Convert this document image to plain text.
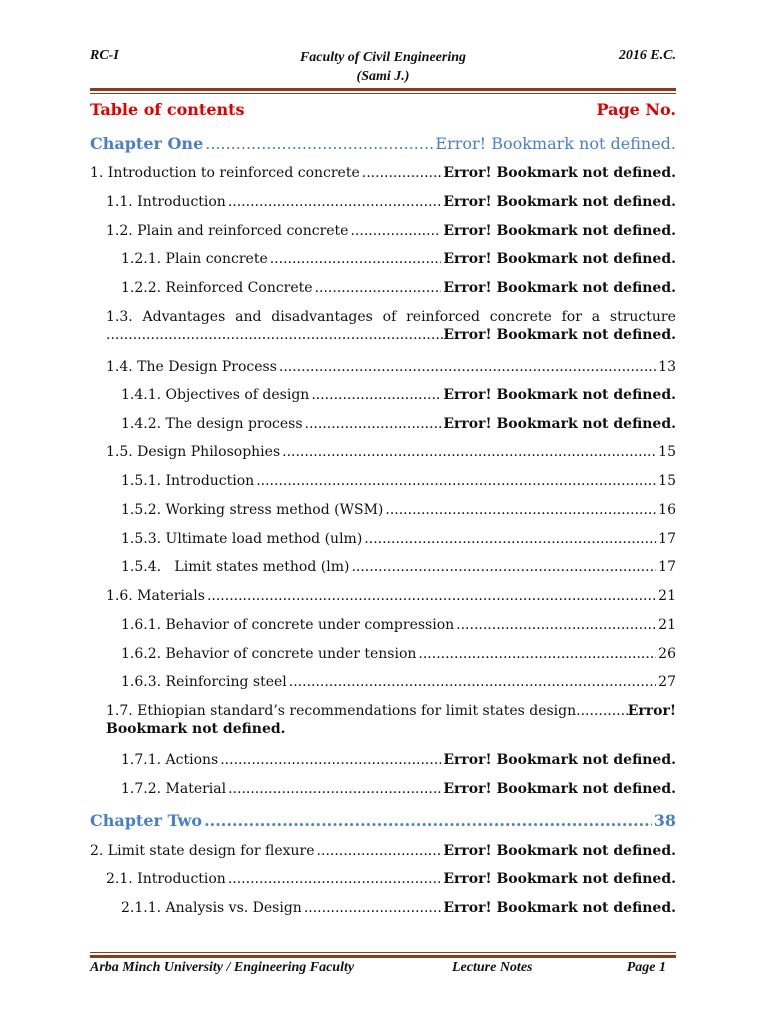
RC-I	Faculty of Civil Engineering
(Sami J.)
2016 E.C.
Table of contents	Page No.
Chapter One .....	Error! Bookmark not defined.
1. Introduction to reinforced concrete .....	Error! Bookmark not defined.
1.1. Introduction .....	Error! Bookmark not defined.
1.2. Plain and reinforced concrete .....	Error! Bookmark not defined.
1.2.1. Plain concrete .....	Error! Bookmark not defined.
1.2.2. Reinforced Concrete .....	Error! Bookmark not defined.
1.3. Advantages and disadvantages of reinforced concrete for a structure
.....
Error! Bookmark not defined.
1.4. The Design Process .....	13
1.4.1. Objectives of design .....	Error! Bookmark not defined.
1.4.2. The design process .....	Error! Bookmark not defined.
1.5. Design Philosophies .....	15
1.5.1. Introduction .....	15
1.5.2. Working stress method (WSM) .....	16
1.5.3. Ultimate load method (ulm) .....	17
1.5.4.   Limit states method (lm) .....	17
1.6. Materials .....	21
1.6.1. Behavior of concrete under compression .....	21
1.6.2. Behavior of concrete under tension .....	26
1.6.3. Reinforcing steel .....	27
1.7. Ethiopian standard’s recommendations for limit states design .....	Error!
Bookmark not defined.
1.7.1. Actions .....	Error! Bookmark not defined.
1.7.2. Material .....	Error! Bookmark not defined.
Chapter Two .....	38
2. Limit state design for flexure .....	Error! Bookmark not defined.
2.1. Introduction .....	Error! Bookmark not defined.
2.1.1. Analysis vs. Design .....	Error! Bookmark not defined.
Arba Minch University / Engineering Faculty	Lecture Notes	Page 1
